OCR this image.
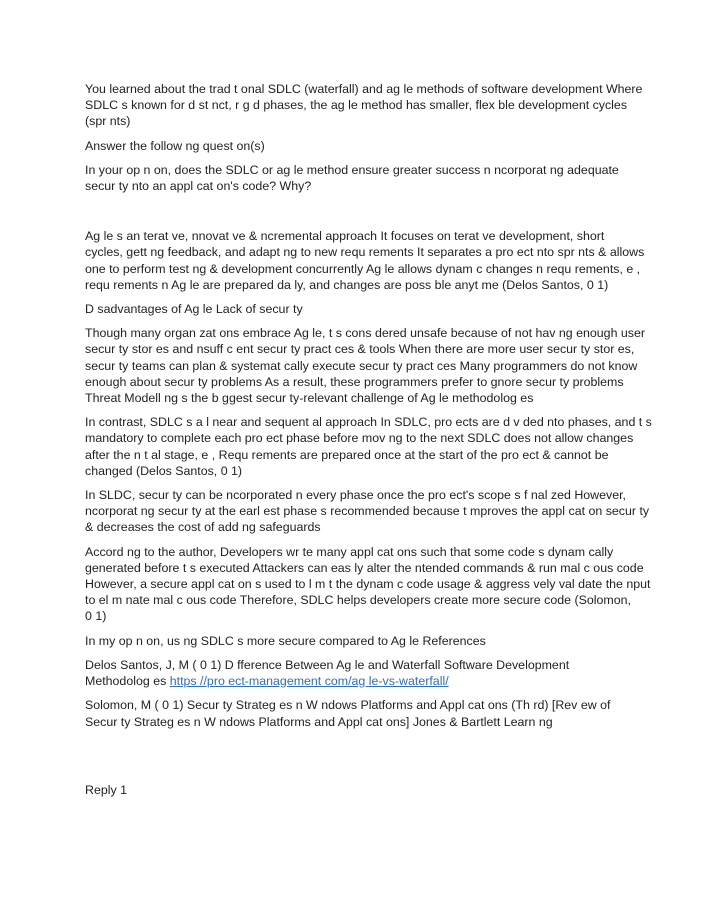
You learned about the trad t onal SDLC (waterfall) and ag le methods of software development Where

SDLC s known for d st nct, r g d phases, the ag le method has smaller, flex ble development cycles

(spr nts)

Answer the follow ng quest on(s)

In your op n on, does the SDLC or ag le method ensure greater success n ncorporat ng adequate

secur ty nto an appl cat on's code? Why?

Ag le s an terat ve, nnovat ve & ncremental approach It focuses on terat ve development, short

cycles, gett ng feedback, and adapt ng to new requ rements It separates a pro ect nto spr nts & allows

one to perform test ng & development concurrently Ag le allows dynam c changes n requ rements, e ,

requ rements n Ag le are prepared da ly, and changes are poss ble anyt me (Delos Santos, 0 1)

D sadvantages of Ag le Lack of secur ty

Though many organ zat ons embrace Ag le, t s cons dered unsafe because of not hav ng enough user

secur ty stor es and nsuff c ent secur ty pract ces & tools When there are more user secur ty stor es,

secur ty teams can plan & systemat cally execute secur ty pract ces Many programmers do not know

enough about secur ty problems As a result, these programmers prefer to gnore secur ty problems

Threat Modell ng s the b ggest secur ty-relevant challenge of Ag le methodolog es

In contrast, SDLC s a l near and sequent al approach In SDLC, pro ects are d v ded nto phases, and t s

mandatory to complete each pro ect phase before mov ng to the next SDLC does not allow changes

after the n t al stage, e , Requ rements are prepared once at the start of the pro ect & cannot be

changed (Delos Santos, 0 1)

In SLDC, secur ty can be ncorporated n every phase once the pro ect's scope s f nal zed However,

ncorporat ng secur ty at the earl est phase s recommended because t mproves the appl cat on secur ty

& decreases the cost of add ng safeguards

Accord ng to the author, Developers wr te many appl cat ons such that some code s dynam cally

generated before t s executed Attackers can eas ly alter the ntended commands & run mal c ous code

However, a secure appl cat on s used to l m t the dynam c code usage & aggress vely val date the nput

to el m nate mal c ous code Therefore, SDLC helps developers create more secure code (Solomon,

0 1)

In my op n on, us ng SDLC s more secure compared to Ag le References

Delos Santos, J, M ( 0 1) D fference Between Ag le and Waterfall Software Development

Methodolog es https //pro ect-management com/ag le-vs-waterfall/

Solomon, M ( 0 1) Secur ty Strateg es n W ndows Platforms and Appl cat ons (Th rd) [Rev ew of

Secur ty Strateg es n W ndows Platforms and Appl cat ons] Jones & Bartlett Learn ng

Reply 1
